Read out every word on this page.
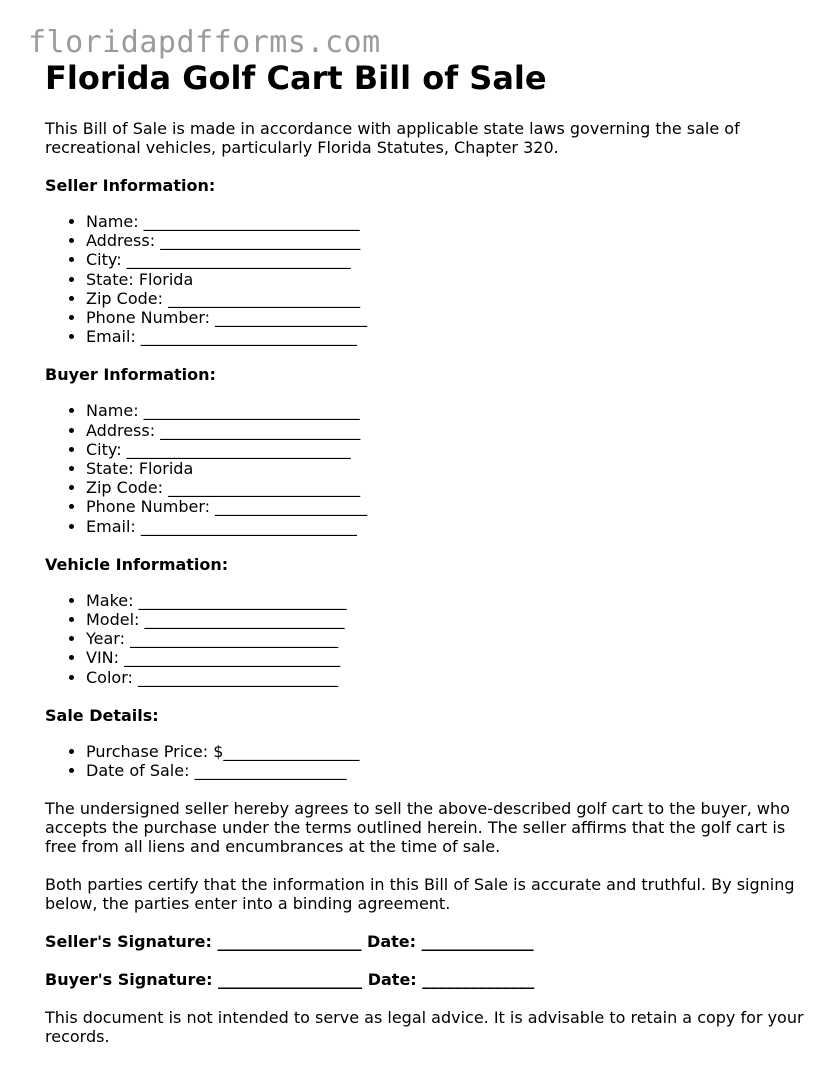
floridapdfforms.com
Florida Golf Cart Bill of Sale

This Bill of Sale is made in accordance with applicable state laws governing the sale of recreational vehicles, particularly Florida Statutes, Chapter 320.

Seller Information:
• Name: ___________________________
• Address: _________________________
• City: ____________________________
• State: Florida
• Zip Code: ________________________
• Phone Number: ___________________
• Email: ___________________________
Buyer Information:
• Name: ___________________________
• Address: _________________________
• City: ____________________________
• State: Florida
• Zip Code: ________________________
• Phone Number: ___________________
• Email: ___________________________
Vehicle Information:
• Make: __________________________
• Model: _________________________
• Year: __________________________
• VIN: ___________________________
• Color: _________________________
Sale Details:
• Purchase Price: $_________________
• Date of Sale: ___________________

The undersigned seller hereby agrees to sell the above-described golf cart to the buyer, who accepts the purchase under the terms outlined herein. The seller affirms that the golf cart is free from all liens and encumbrances at the time of sale.

Both parties certify that the information in this Bill of Sale is accurate and truthful. By signing below, the parties enter into a binding agreement.

Seller's Signature: __________________ Date: ______________
Buyer's Signature: __________________ Date: ______________

This document is not intended to serve as legal advice. It is advisable to retain a copy for your records.
